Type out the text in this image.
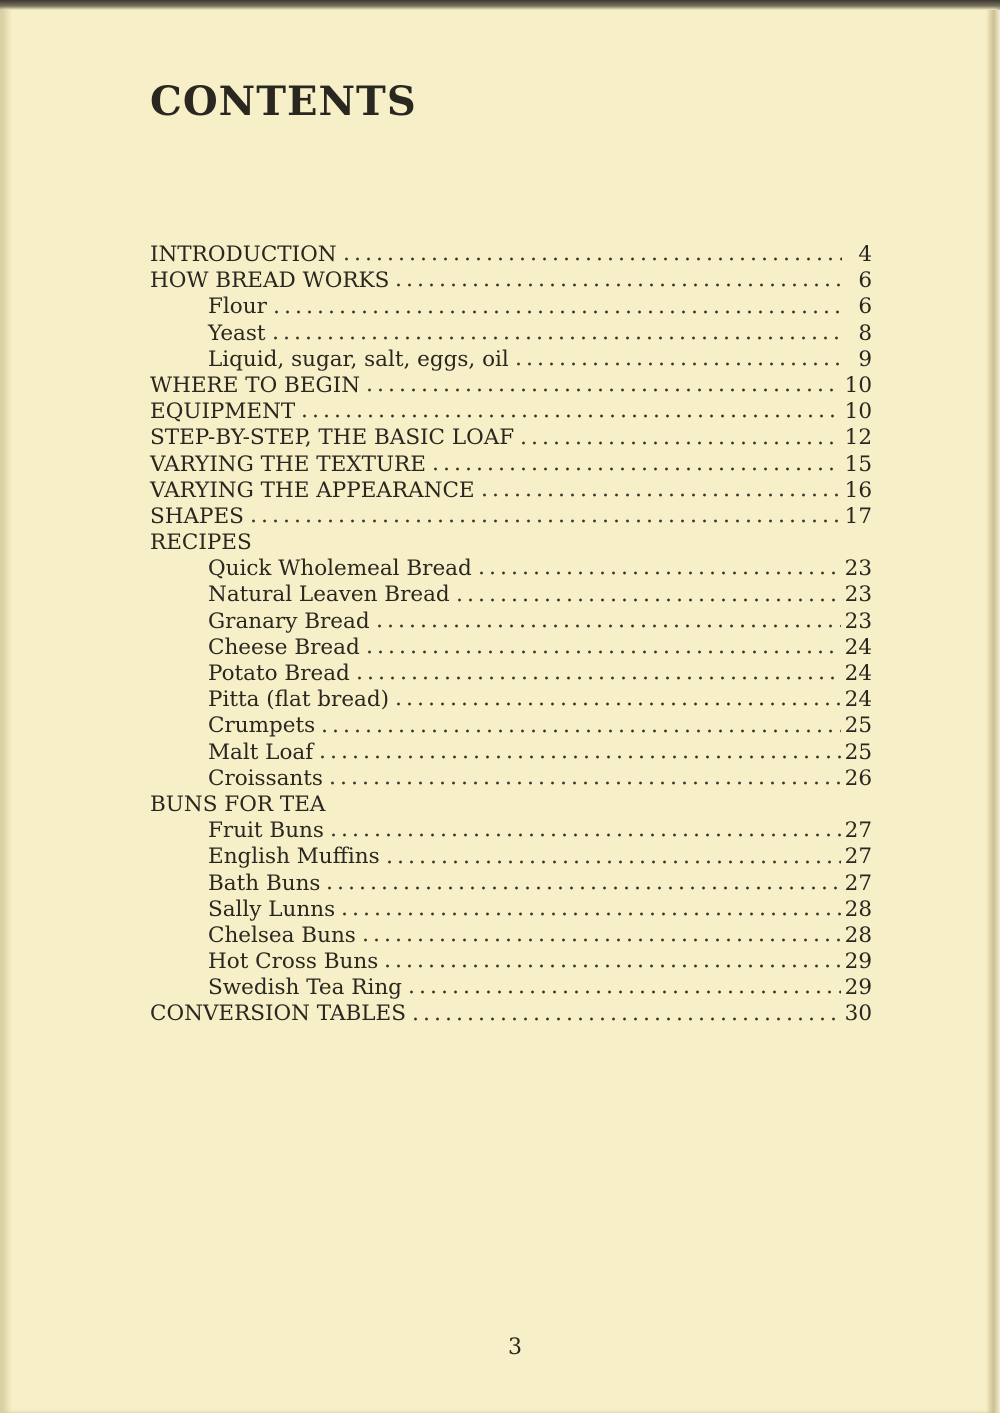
CONTENTS
INTRODUCTION	4
HOW BREAD WORKS	6
Flour	6
Yeast	8
Liquid, sugar, salt, eggs, oil	9
WHERE TO BEGIN	10
EQUIPMENT	10
STEP-BY-STEP, THE BASIC LOAF	12
VARYING THE TEXTURE	15
VARYING THE APPEARANCE	16
SHAPES	17
RECIPES
Quick Wholemeal Bread	23
Natural Leaven Bread	23
Granary Bread	23
Cheese Bread	24
Potato Bread	24
Pitta (flat bread)	24
Crumpets	25
Malt Loaf	25
Croissants	26
BUNS FOR TEA
Fruit Buns	27
English Muffins	27
Bath Buns	27
Sally Lunns	28
Chelsea Buns	28
Hot Cross Buns	29
Swedish Tea Ring	29
CONVERSION TABLES	30
3
